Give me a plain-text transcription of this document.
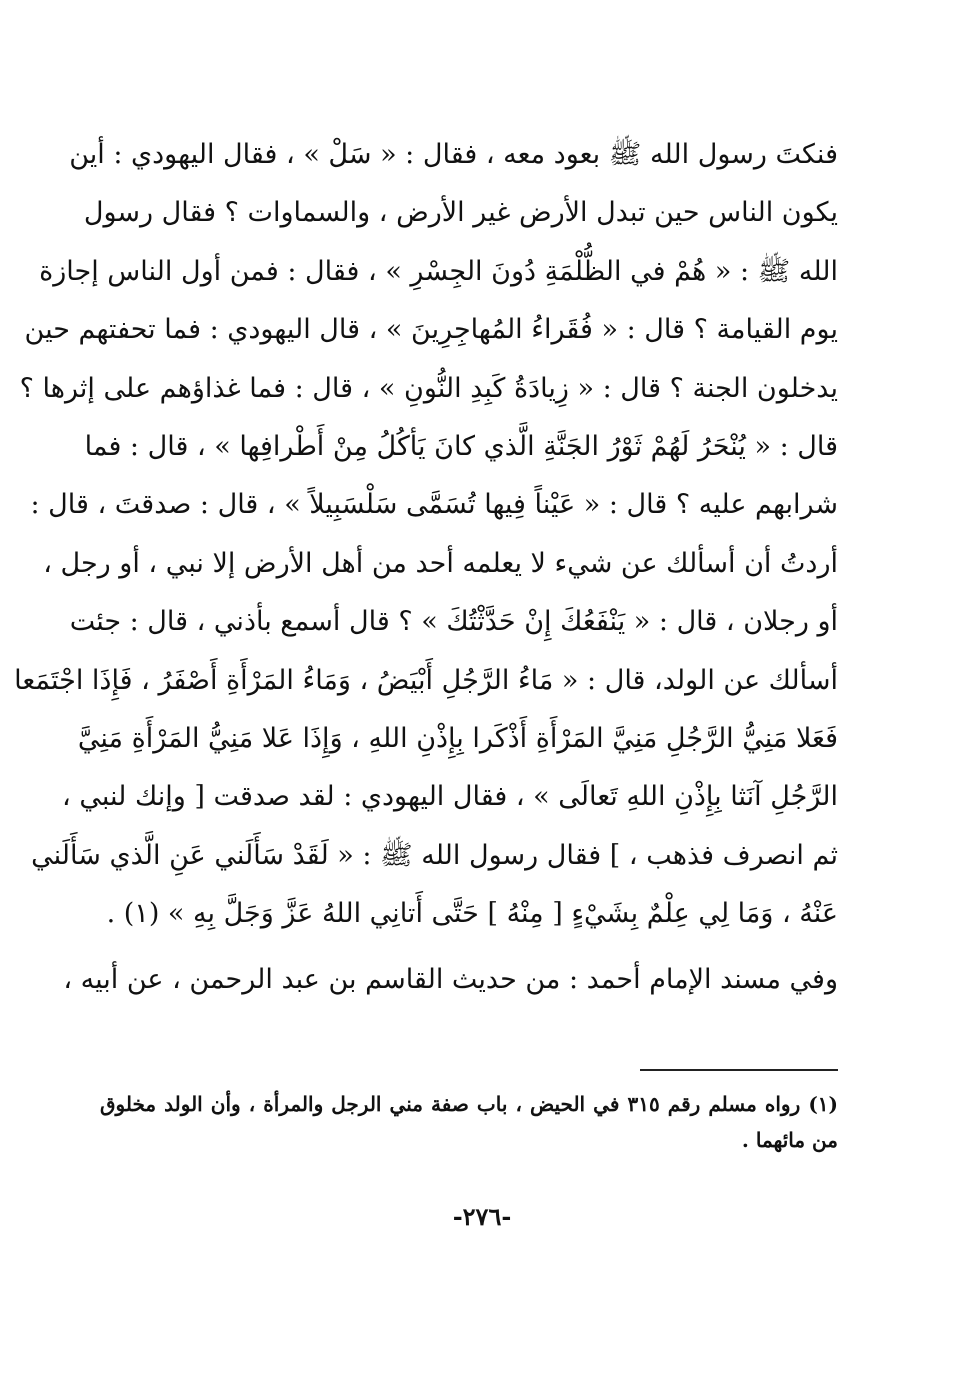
فنكتَ رسول الله ﷺ بعود معه ، فقال : « سَلْ » ، فقال اليهودي : أين
يكون الناس حين تبدل الأرض غير الأرض ، والسماوات ؟ فقال رسول
الله ﷺ : « هُمْ في الظُّلْمَةِ دُونَ الجِسْرِ » ، فقال : فمن أول الناس إجازة
يوم القيامة ؟ قال : « فُقَراءُ المُهاجِرِينَ » ، قال اليهودي : فما تحفتهم حين
يدخلون الجنة ؟ قال : « زِيادَةُ كَبِدِ النُّونِ » ، قال : فما غذاؤهم على إثرها ؟
قال : « يُنْحَرُ لَهُمْ ثَوْرُ الجَنَّةِ الَّذي كانَ يَأكُلُ مِنْ أَطْرافِها » ، قال : فما
شرابهم عليه ؟ قال : « عَيْناً فِيها تُسَمَّى سَلْسَبِيلاً » ، قال : صدقتَ ، قال :
أردتُ أن أسألك عن شيء لا يعلمه أحد من أهل الأرض إلا نبي ، أو رجل ،
أو رجلان ، قال : « يَنْفَعُكَ إِنْ حَدَّثْتُكَ » ؟ قال أسمع بأذني ، قال : جئت
أسألك عن الولد، قال : « مَاءُ الرَّجُلِ أَبْيَضُ ، وَمَاءُ المَرْأَةِ أَصْفَرُ ، فَإِذَا اجْتَمَعا
فَعَلا مَنِيُّ الرَّجُلِ مَنِيَّ المَرْأَةِ أَذْكَرا بِإِذْنِ اللهِ ، وَإِذَا عَلا مَنِيُّ المَرْأَةِ مَنِيَّ
الرَّجُلِ آنَثا بِإِذْنِ اللهِ تَعالَى » ، فقال اليهودي : لقد صدقت [ وإنك لنبي ،
ثم انصرف فذهب ، ] فقال رسول الله ﷺ : « لَقَدْ سَأَلَني عَنِ الَّذي سَأَلَني
عَنْهُ ، وَمَا لِي عِلْمٌ بِشَيْءٍ [ مِنْهُ ] حَتَّى أَتانِي اللهُ عَزَّ وَجَلَّ بِهِ » (١) .
وفي مسند الإمام أحمد : من حديث القاسم بن عبد الرحمن ، عن أبيه ،
(١) رواه مسلم رقم ٣١٥ في الحيض ، باب صفة مني الرجل والمرأة ، وأن الولد مخلوق
من مائهما .
-٢٧٦-
